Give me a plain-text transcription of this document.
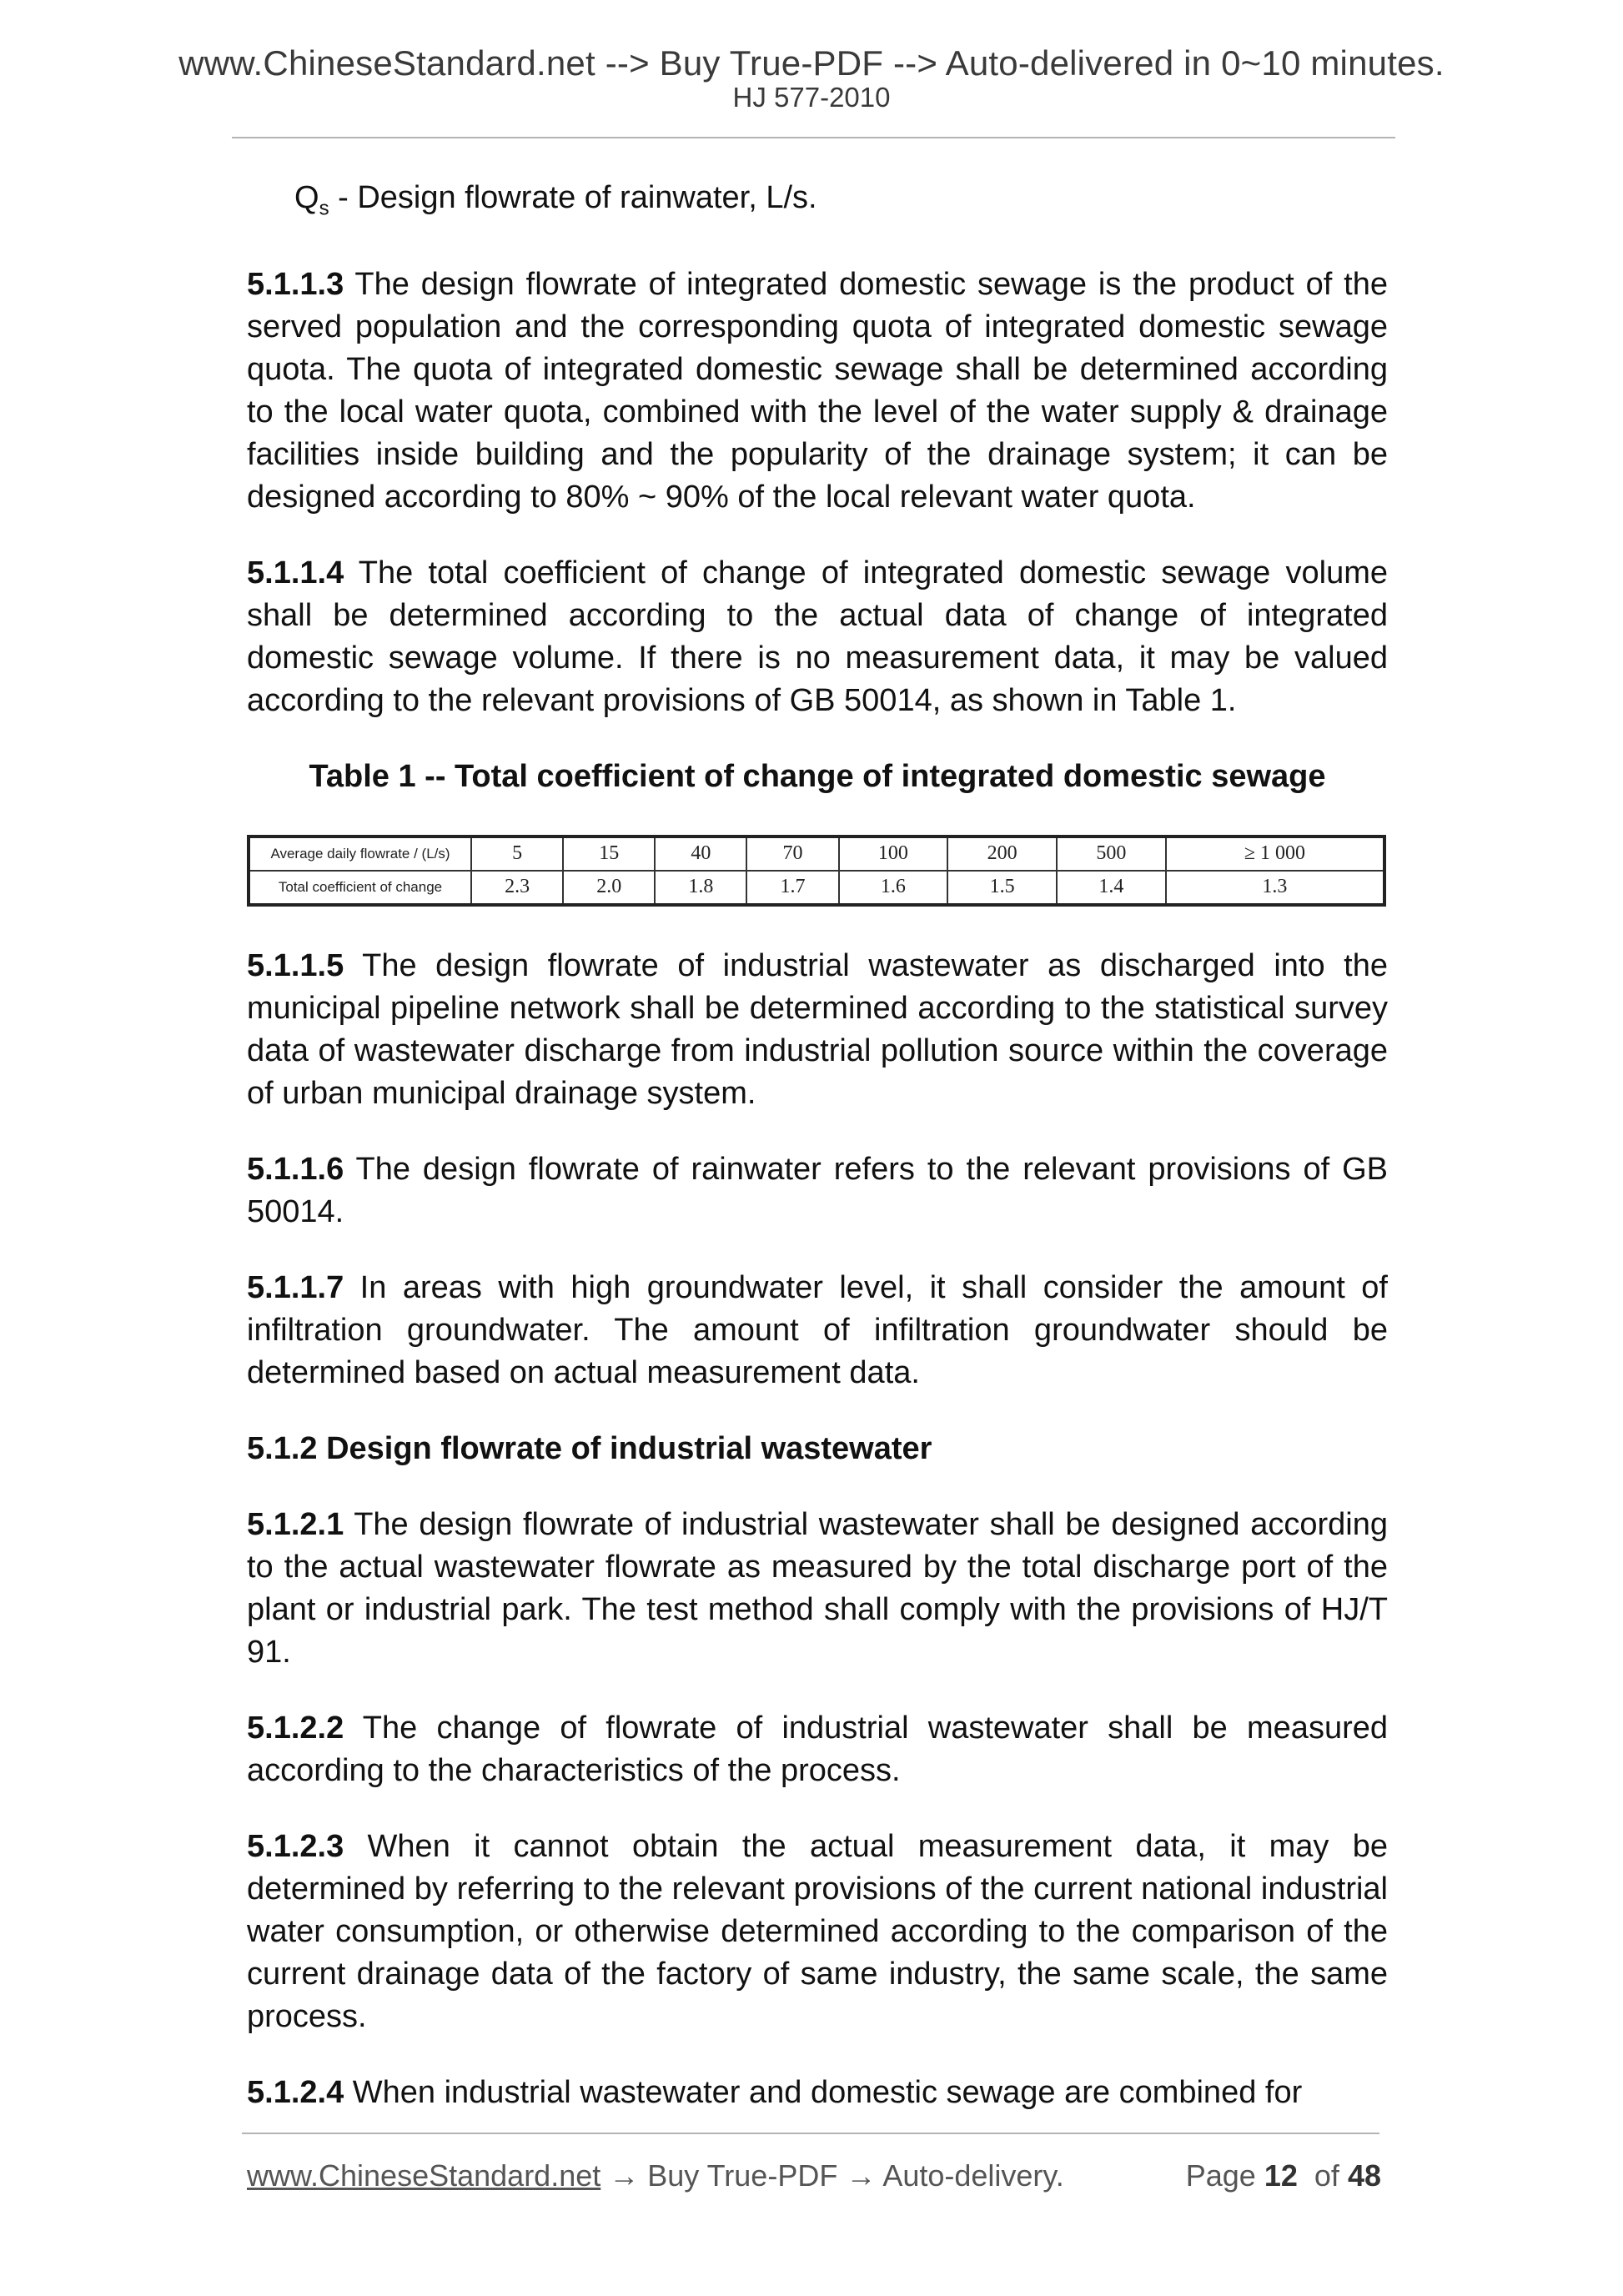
www.ChineseStandard.net --> Buy True-PDF --> Auto-delivered in 0~10 minutes.
HJ 577-2010
$Q_s$ - Design flowrate of rainwater, L/s.

5.1.1.3 The design flowrate of integrated domestic sewage is the product of the served population and the corresponding quota of integrated domestic sewage quota. The quota of integrated domestic sewage shall be determined according to the local water quota, combined with the level of the water supply & drainage facilities inside building and the popularity of the drainage system; it can be designed according to 80% ~ 90% of the local relevant water quota.

5.1.1.4 The total coefficient of change of integrated domestic sewage volume shall be determined according to the actual data of change of integrated domestic sewage volume. If there is no measurement data, it may be valued according to the relevant provisions of GB 50014, as shown in Table 1.

Table 1 -- Total coefficient of change of integrated domestic sewage
Average daily flowrate / (L/s)	5	15	40	70	100	200	500	≥ 1 000
Total coefficient of change	2.3	2.0	1.8	1.7	1.6	1.5	1.4	1.3

5.1.1.5 The design flowrate of industrial wastewater as discharged into the municipal pipeline network shall be determined according to the statistical survey data of wastewater discharge from industrial pollution source within the coverage of urban municipal drainage system.

5.1.1.6 The design flowrate of rainwater refers to the relevant provisions of GB 50014.

5.1.1.7 In areas with high groundwater level, it shall consider the amount of infiltration groundwater. The amount of infiltration groundwater should be determined based on actual measurement data.

5.1.2 Design flowrate of industrial wastewater

5.1.2.1 The design flowrate of industrial wastewater shall be designed according to the actual wastewater flowrate as measured by the total discharge port of the plant or industrial park. The test method shall comply with the provisions of HJ/T 91.

5.1.2.2 The change of flowrate of industrial wastewater shall be measured according to the characteristics of the process.

5.1.2.3 When it cannot obtain the actual measurement data, it may be determined by referring to the relevant provisions of the current national industrial water consumption, or otherwise determined according to the comparison of the current drainage data of the factory of same industry, the same scale, the same process.

5.1.2.4 When industrial wastewater and domestic sewage are combined for

www.ChineseStandard.net → Buy True-PDF → Auto-delivery.	Page 12 of 48
